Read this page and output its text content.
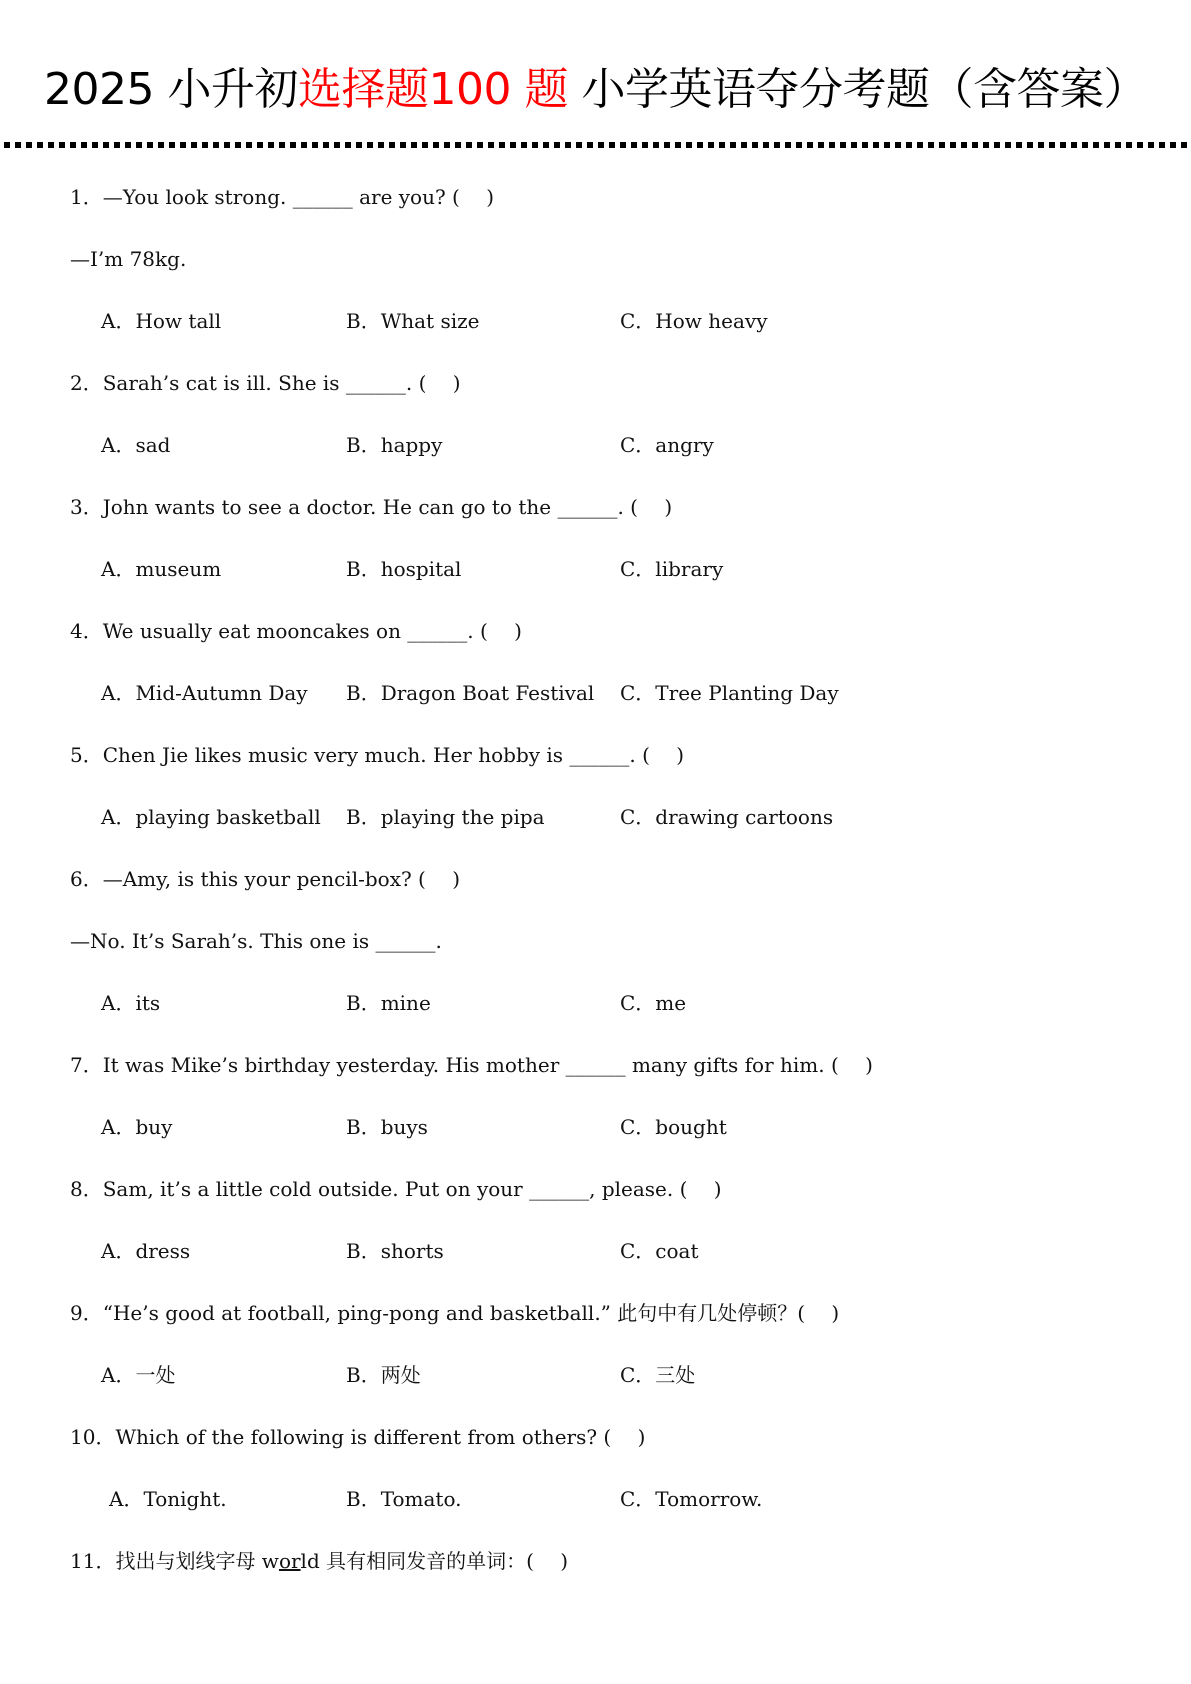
2025 小升初选择题100 题 小学英语夺分考题（含答案）
1．—You look strong. ______ are you? (　 )
—I’m 78kg.
A．How tall	B．What size	C．How heavy
2．Sarah’s cat is ill. She is ______. (　 )
A．sad	B．happy	C．angry
3．John wants to see a doctor. He can go to the ______. (　 )
A．museum	B．hospital	C．library
4．We usually eat mooncakes on ______. (　 )
A．Mid-Autumn Day B．Dragon Boat Festival C．Tree Planting Day
5．Chen Jie likes music very much. Her hobby is ______. (　 )
A．playing basketball B．playing the pipa	C．drawing cartoons
6．—Amy, is this your pencil-box? (　 )
—No. It’s Sarah’s. This one is ______.
A．its	B．mine	C．me
7．It was Mike’s birthday yesterday. His mother ______ many gifts for him. (　 )
A．buy	B．buys	C．bought
8．Sam, it’s a little cold outside. Put on your ______, please. (　 )
A．dress	B．shorts	C．coat
9．“He’s good at football, ping-pong and basketball.” 此句中有几处停顿？(　 )
A．一处	B．两处	C．三处
10．Which of the following is different from others? (　 )
A．Tonight.	B．Tomato.	C．Tomorrow.
11．找出与划线字母 world 具有相同发音的单词：(　 )
